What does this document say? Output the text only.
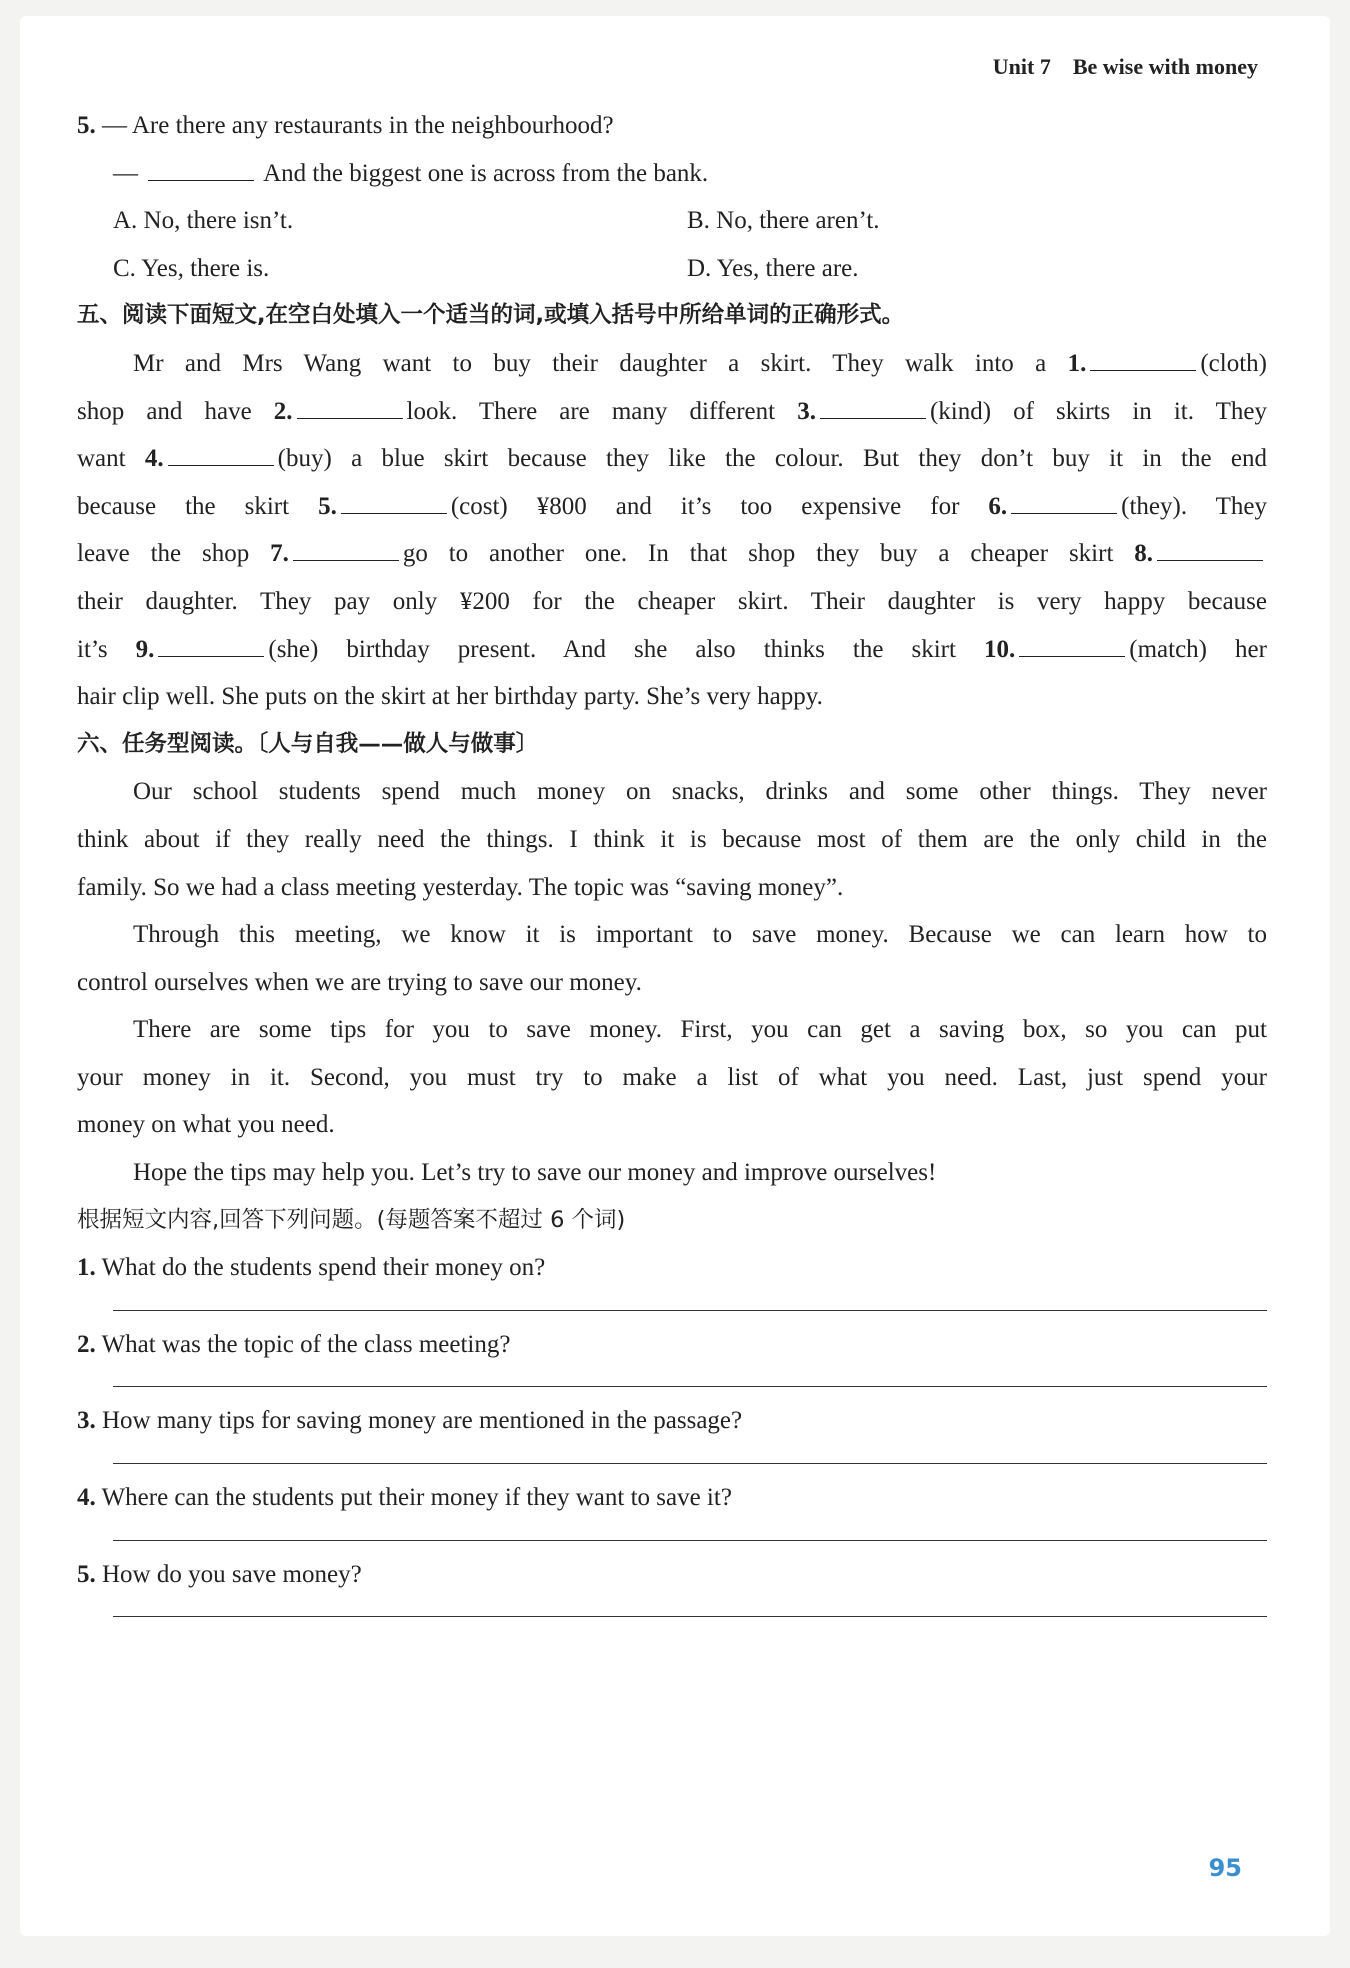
Unit 7 Be wise with money
5. — Are there any restaurants in the neighbourhood?
—	And the biggest one is across from the bank.
A. No, there isn’t.	B. No, there aren’t.
C. Yes, there is.	D. Yes, there are.
五、阅读下面短文,在空白处填入一个适当的词,或填入括号中所给单词的正确形式。
Mr and Mrs Wang want to buy their daughter a skirt. They walk into a 1.	(cloth)
shop and have 2.	look. There are many different 3.	(kind) of skirts in it. They
want 4.	(buy) a blue skirt because they like the colour. But they don’t buy it in the end
because the skirt 5.	(cost) ¥800 and it’s too expensive for 6.	(they). They
leave the shop 7.	go to another one. In that shop they buy a cheaper skirt 8.
their daughter. They pay only ¥200 for the cheaper skirt. Their daughter is very happy because
it’s 9.	(she) birthday present. And she also thinks the skirt 10.	(match) her
hair clip well. She puts on the skirt at her birthday party. She’s very happy.
六、任务型阅读。〔人与自我——做人与做事〕
Our school students spend much money on snacks, drinks and some other things. They never
think about if they really need the things. I think it is because most of them are the only child in the
family. So we had a class meeting yesterday. The topic was “saving money”.
Through this meeting, we know it is important to save money. Because we can learn how to
control ourselves when we are trying to save our money.
There are some tips for you to save money. First, you can get a saving box, so you can put
your money in it. Second, you must try to make a list of what you need. Last, just spend your
money on what you need.
Hope the tips may help you. Let’s try to save our money and improve ourselves!
根据短文内容,回答下列问题。(每题答案不超过 6 个词)
1. What do the students spend their money on?
2. What was the topic of the class meeting?
3. How many tips for saving money are mentioned in the passage?
4. Where can the students put their money if they want to save it?
5. How do you save money?
95
